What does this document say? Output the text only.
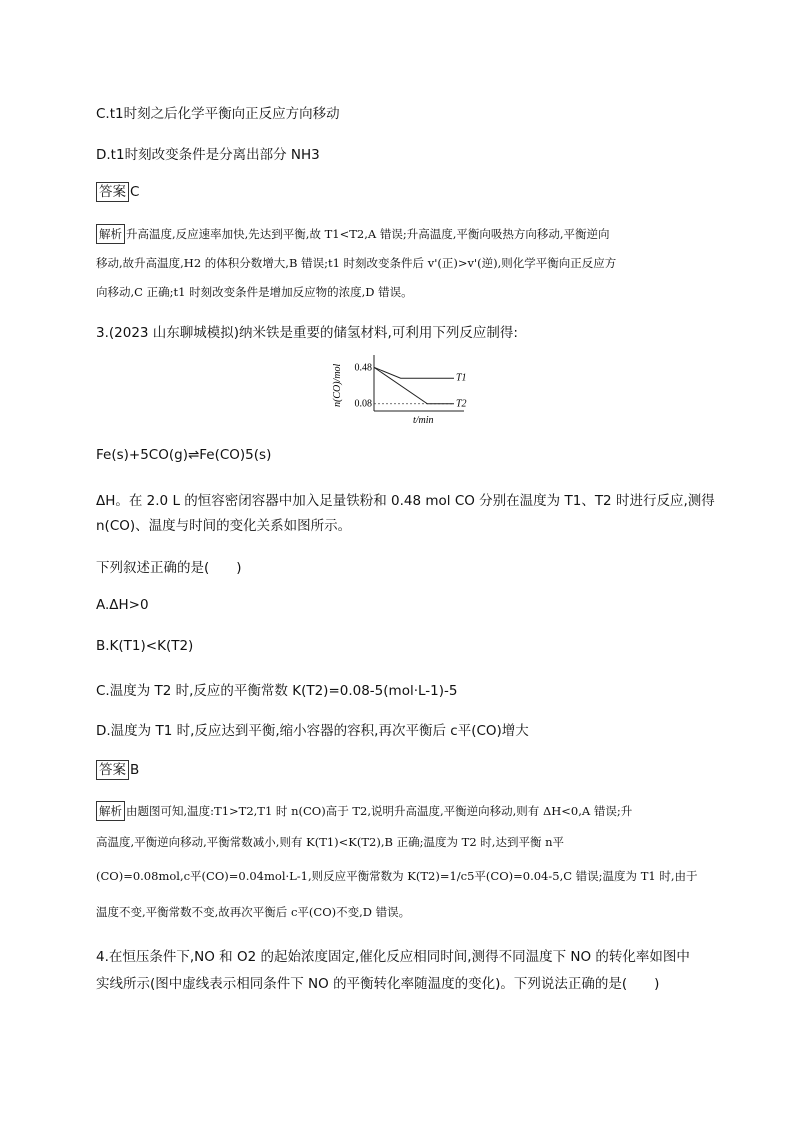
C.t1时刻之后化学平衡向正反应方向移动
D.t1时刻改变条件是分离出部分 NH3
答案 C
解析 升高温度,反应速率加快,先达到平衡,故 T1<T2,A 错误;升高温度,平衡向吸热方向移动,平衡逆向
移动,故升高温度,H2 的体积分数增大,B 错误;t1 时刻改变条件后 v'(正)>v'(逆),则化学平衡向正反应方
向移动,C 正确;t1 时刻改变条件是增加反应物的浓度,D 错误。
3.(2023 山东聊城模拟)纳米铁是重要的储氢材料,可利用下列反应制得:
n(CO)/mol 0.48
0.08
T1
T2
t/min
Fe(s)+5CO(g)⇌Fe(CO)5(s)
ΔH。在 2.0 L 的恒容密闭容器中加入足量铁粉和 0.48 mol CO 分别在温度为 T1、T2 时进行反应,测得
n(CO)、温度与时间的变化关系如图所示。
下列叙述正确的是(　　)
A.ΔH>0
B.K(T1)<K(T2)
C.温度为 T2 时,反应的平衡常数 K(T2)=0.08-5(mol·L-1)-5
D.温度为 T1 时,反应达到平衡,缩小容器的容积,再次平衡后 c平(CO)增大
答案 B
解析 由题图可知,温度:T1>T2,T1 时 n(CO)高于 T2,说明升高温度,平衡逆向移动,则有 ΔH<0,A 错误;升
高温度,平衡逆向移动,平衡常数减小,则有 K(T1)<K(T2),B 正确;温度为 T2 时,达到平衡 n平
(CO)=0.08mol,c平(CO)=0.04mol·L-1,则反应平衡常数为 K(T2)=1/c5平(CO)=0.04-5,C 错误;温度为 T1 时,由于
温度不变,平衡常数不变,故再次平衡后 c平(CO)不变,D 错误。
4.在恒压条件下,NO 和 O2 的起始浓度固定,催化反应相同时间,测得不同温度下 NO 的转化率如图中
实线所示(图中虚线表示相同条件下 NO 的平衡转化率随温度的变化)。下列说法正确的是(　　)
